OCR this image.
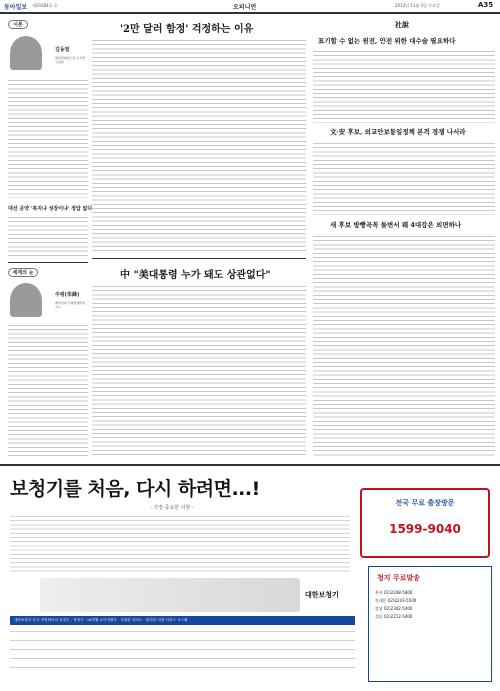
동아일보 제29384호 등	오피니언	2012년 11월 3일 토요일	A35
시론
김동열
현대경제연구원 수석연구위원
대선 공약 '복지냐 성장이냐' 정답 없다
세계의 눈
주펑(朱鋒)
베이징대 국제관계학원 교수
'2만 달러 함정' 걱정하는 이유
中 "美대통령 누가 돼도 상관없다"
社說
표기할 수 없는 원전, 안전 위한 대수술 필요하다
文·安 후보, 외교안보통일정책 본격 경쟁 나서라
새 후보 방빵곡꼭 돌변서 웨 4대강은 외면하나
보청기를 처음, 다시 하려면...!
- 가장 중요한 사항 -
전국 무료 출장방문
1599-9040
대한보청기
대한보청기 본사 직영센터의 특징은 - 직영가 · 18개월 무이자할부 · 친절한 서비스 · 편리한 직영 서비스 시스템
청지 무료발송
본사 02)2248-5800
동대문 02)2243-5500
강남 02)2342-5400
성동 02)2212-5400
